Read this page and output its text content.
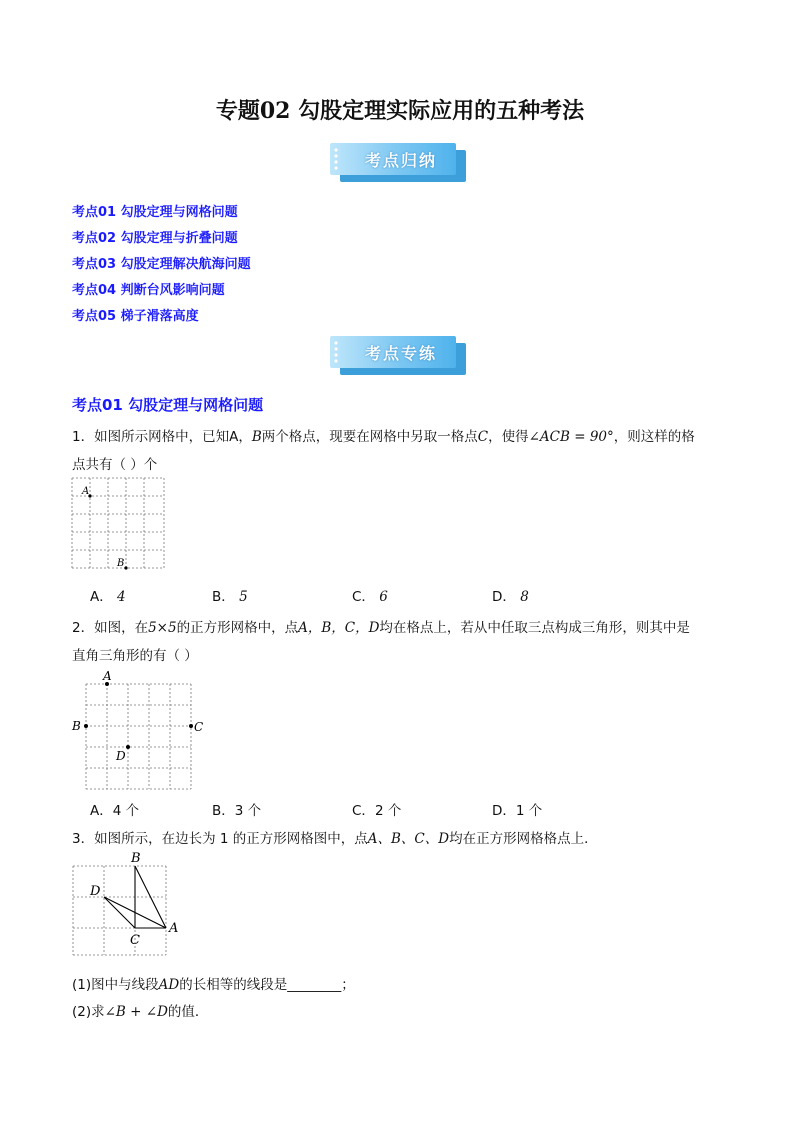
专题02 勾股定理实际应用的五种考法
考点归纳
考点01 勾股定理与网格问题
考点02 勾股定理与折叠问题
考点03 勾股定理解决航海问题
考点04 判断台风影响问题
考点05 梯子滑落高度
考点专练
考点01 勾股定理与网格问题
1．如图所示网格中，已知A，B两个格点，现要在网格中另取一格点C，使得∠ACB = 90°，则这样的格
点共有（ ）个
A
B
A． 4	B． 5	C． 6	D． 8
2．如图，在5×5的正方形网格中，点A，B，C，D均在格点上，若从中任取三点构成三角形，则其中是
直角三角形的有（ ）
A
B	C
D
A．4 个	B．3 个	C．2 个	D．1 个
3．如图所示，在边长为 1 的正方形网格图中，点A、B、C、D均在正方形网格格点上．
B
D
C
A
(1)图中与线段AD的长相等的线段是________；
(2)求∠B + ∠D的值．
